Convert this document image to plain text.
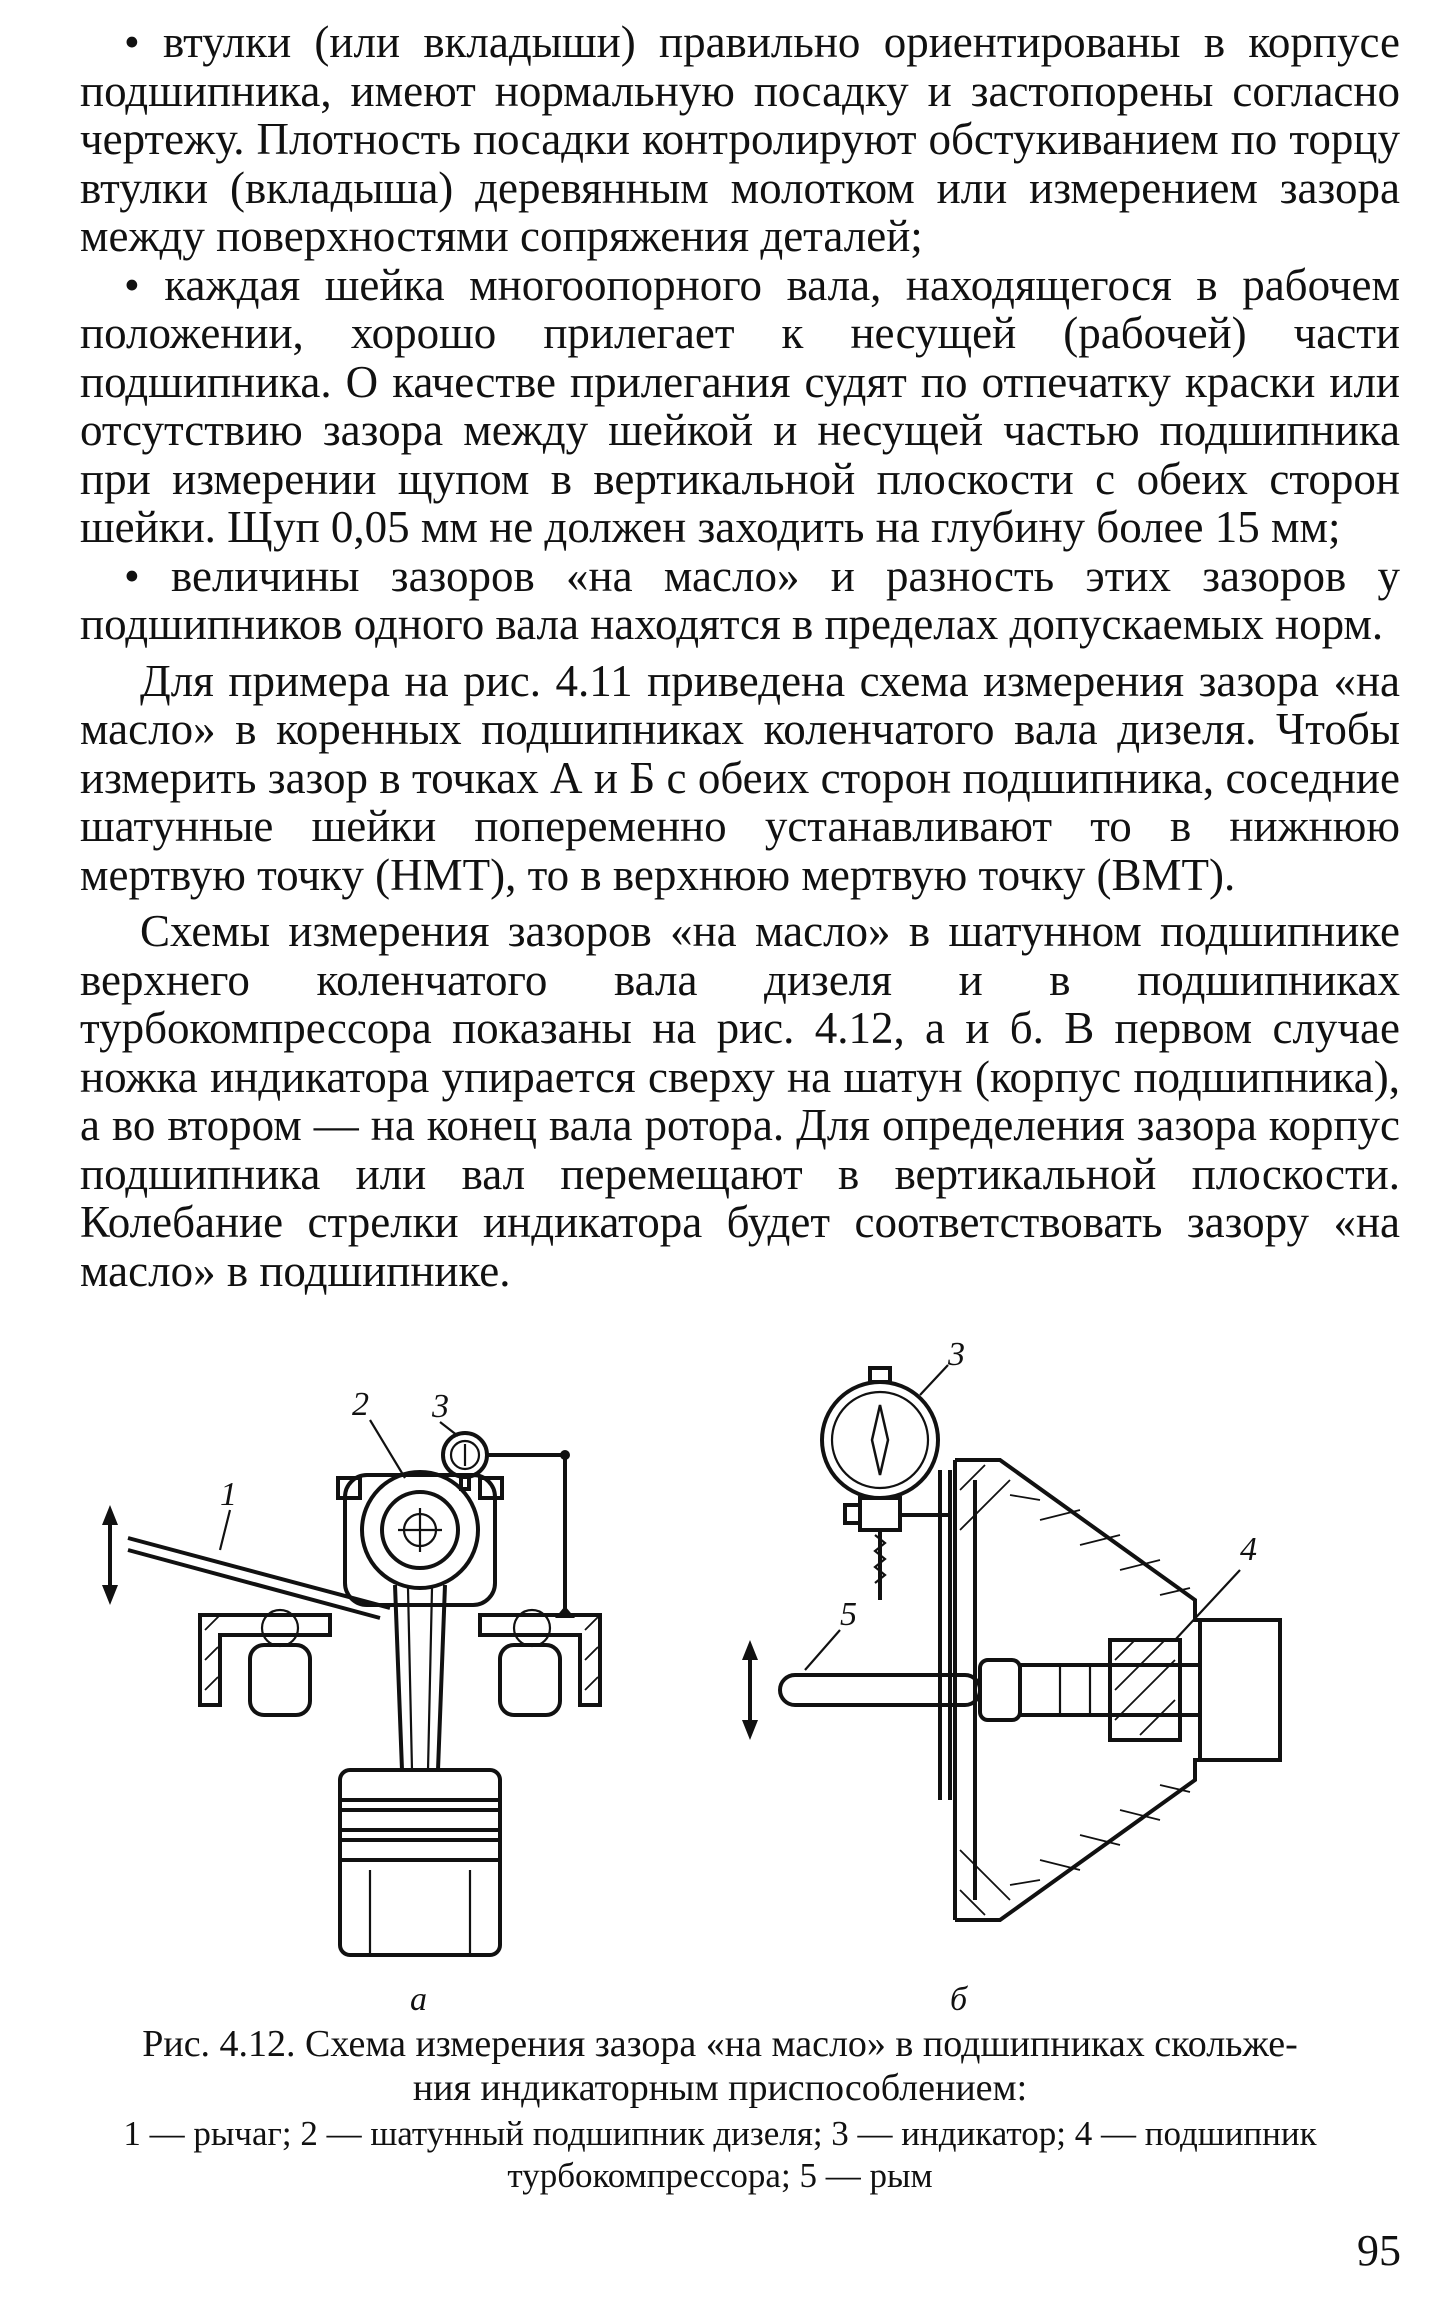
• втулки (или вкладыши) правильно ориентированы в корпусе подшипника, имеют нормальную посадку и застопорены согласно чертежу. Плотность посадки контролируют обстукиванием по торцу втулки (вкладыша) деревянным молотком или измерением зазора между поверхностями сопряжения деталей;

• каждая шейка многоопорного вала, находящегося в рабочем положении, хорошо прилегает к несущей (рабочей) части подшипника. О качестве прилегания судят по отпечатку краски или отсутствию зазора между шейкой и несущей частью подшипника при измерении щупом в вертикальной плоскости с обеих сторон шейки. Щуп 0,05 мм не должен заходить на глубину более 15 мм;

• величины зазоров «на масло» и разность этих зазоров у подшипников одного вала находятся в пределах допускаемых норм.

Для примера на рис. 4.11 приведена схема измерения зазора «на масло» в коренных подшипниках коленчатого вала дизеля. Чтобы измерить зазор в точках А и Б с обеих сторон подшипника, соседние шатунные шейки попеременно устанавливают то в нижнюю мертвую точку (НМТ), то в верхнюю мертвую точку (ВМТ).

Схемы измерения зазоров «на масло» в шатунном подшипнике верхнего коленчатого вала дизеля и в подшипниках турбокомпрессора показаны на рис. 4.12, а и б. В первом случае ножка индикатора упирается сверху на шатун (корпус подшипника), а во втором — на конец вала ротора. Для определения зазора корпус подшипника или вал перемещают в вертикальной плоскости. Колебание стрелки индикатора будет соответствовать зазору «на масло» в подшипнике.

1
2 3
а
3
4
5
б
Рис. 4.12. Схема измерения зазора «на масло» в подшипниках скольже-
ния индикаторным приспособлением:
1 — рычаг; 2 — шатунный подшипник дизеля; 3 — индикатор; 4 — подшипник
турбокомпрессора; 5 — рым
95
